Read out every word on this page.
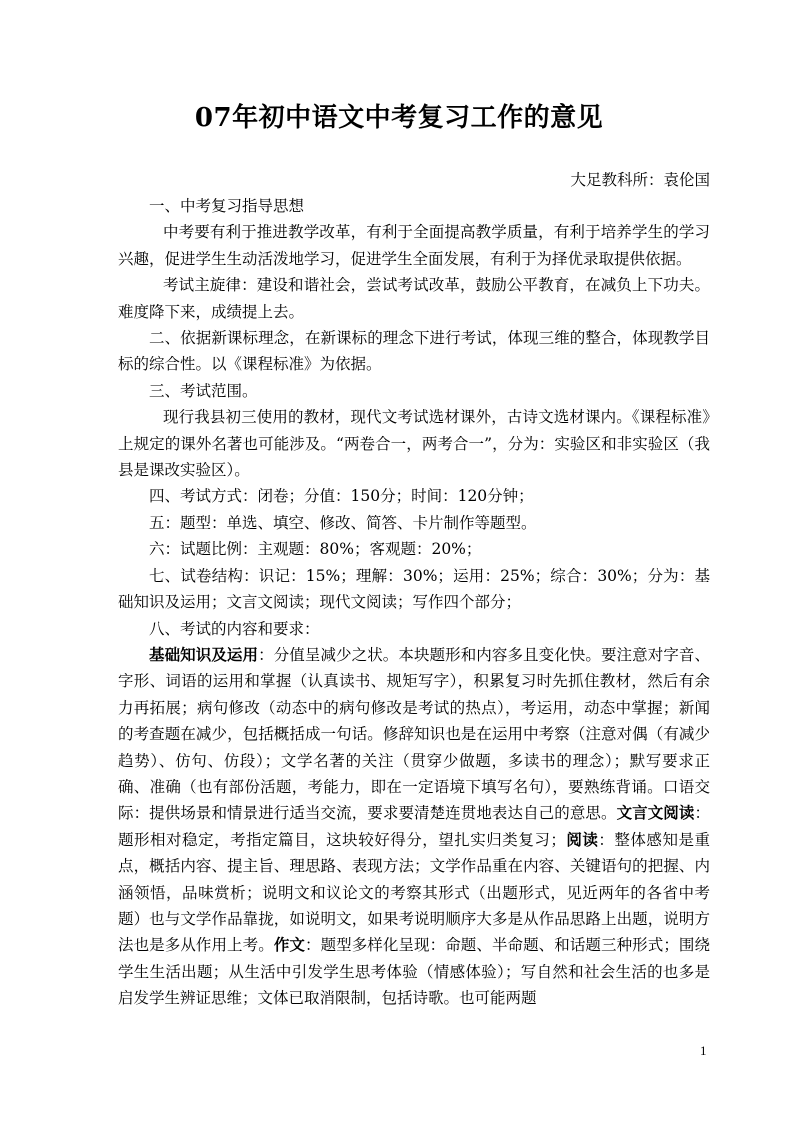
07年初中语文中考复习工作的意见
大足教科所：袁伦国

一、中考复习指导思想

中考要有利于推进教学改革，有利于全面提高教学质量，有利于培养学生的学习兴趣，促进学生生动活泼地学习，促进学生全面发展，有利于为择优录取提供依据。

考试主旋律：建设和谐社会，尝试考试改革，鼓励公平教育，在减负上下功夫。难度降下来，成绩提上去。

二、依据新课标理念，在新课标的理念下进行考试，体现三维的整合，体现教学目标的综合性。以《课程标准》为依据。

三、考试范围。

现行我县初三使用的教材，现代文考试选材课外，古诗文选材课内。《课程标准》上规定的课外名著也可能涉及。“两卷合一，两考合一”，分为：实验区和非实验区（我县是课改实验区）。

四、考试方式：闭卷；分值：150分；时间：120分钟；

五：题型：单选、填空、修改、简答、卡片制作等题型。

六：试题比例：主观题：80%；客观题：20%；

七、试卷结构：识记：15%；理解：30%；运用：25%；综合：30%；分为：基础知识及运用；文言文阅读；现代文阅读；写作四个部分；

八、考试的内容和要求：

基础知识及运用：分值呈减少之状。本块题形和内容多且变化快。要注意对字音、字形、词语的运用和掌握（认真读书、规矩写字），积累复习时先抓住教材，然后有余力再拓展；病句修改（动态中的病句修改是考试的热点），考运用，动态中掌握；新闻的考查题在减少，包括概括成一句话。修辞知识也是在运用中考察（注意对偶（有减少趋势）、仿句、仿段）；文学名著的关注（贯穿少做题，多读书的理念）；默写要求正确、准确（也有部份活题，考能力，即在一定语境下填写名句），要熟练背诵。口语交际：提供场景和情景进行适当交流，要求要清楚连贯地表达自己的意思。文言文阅读：题形相对稳定，考指定篇目，这块较好得分，望扎实归类复习；阅读：整体感知是重点，概括内容、提主旨、理思路、表现方法；文学作品重在内容、关键语句的把握、内涵领悟，品味赏析；说明文和议论文的考察其形式（出题形式，见近两年的各省中考题）也与文学作品靠拢，如说明文，如果考说明顺序大多是从作品思路上出题，说明方法也是多从作用上考。作文：题型多样化呈现：命题、半命题、和话题三种形式；围绕学生生活出题；从生活中引发学生思考体验（情感体验）；写自然和社会生活的也多是启发学生辨证思维；文体已取消限制，包括诗歌。也可能两题

1
